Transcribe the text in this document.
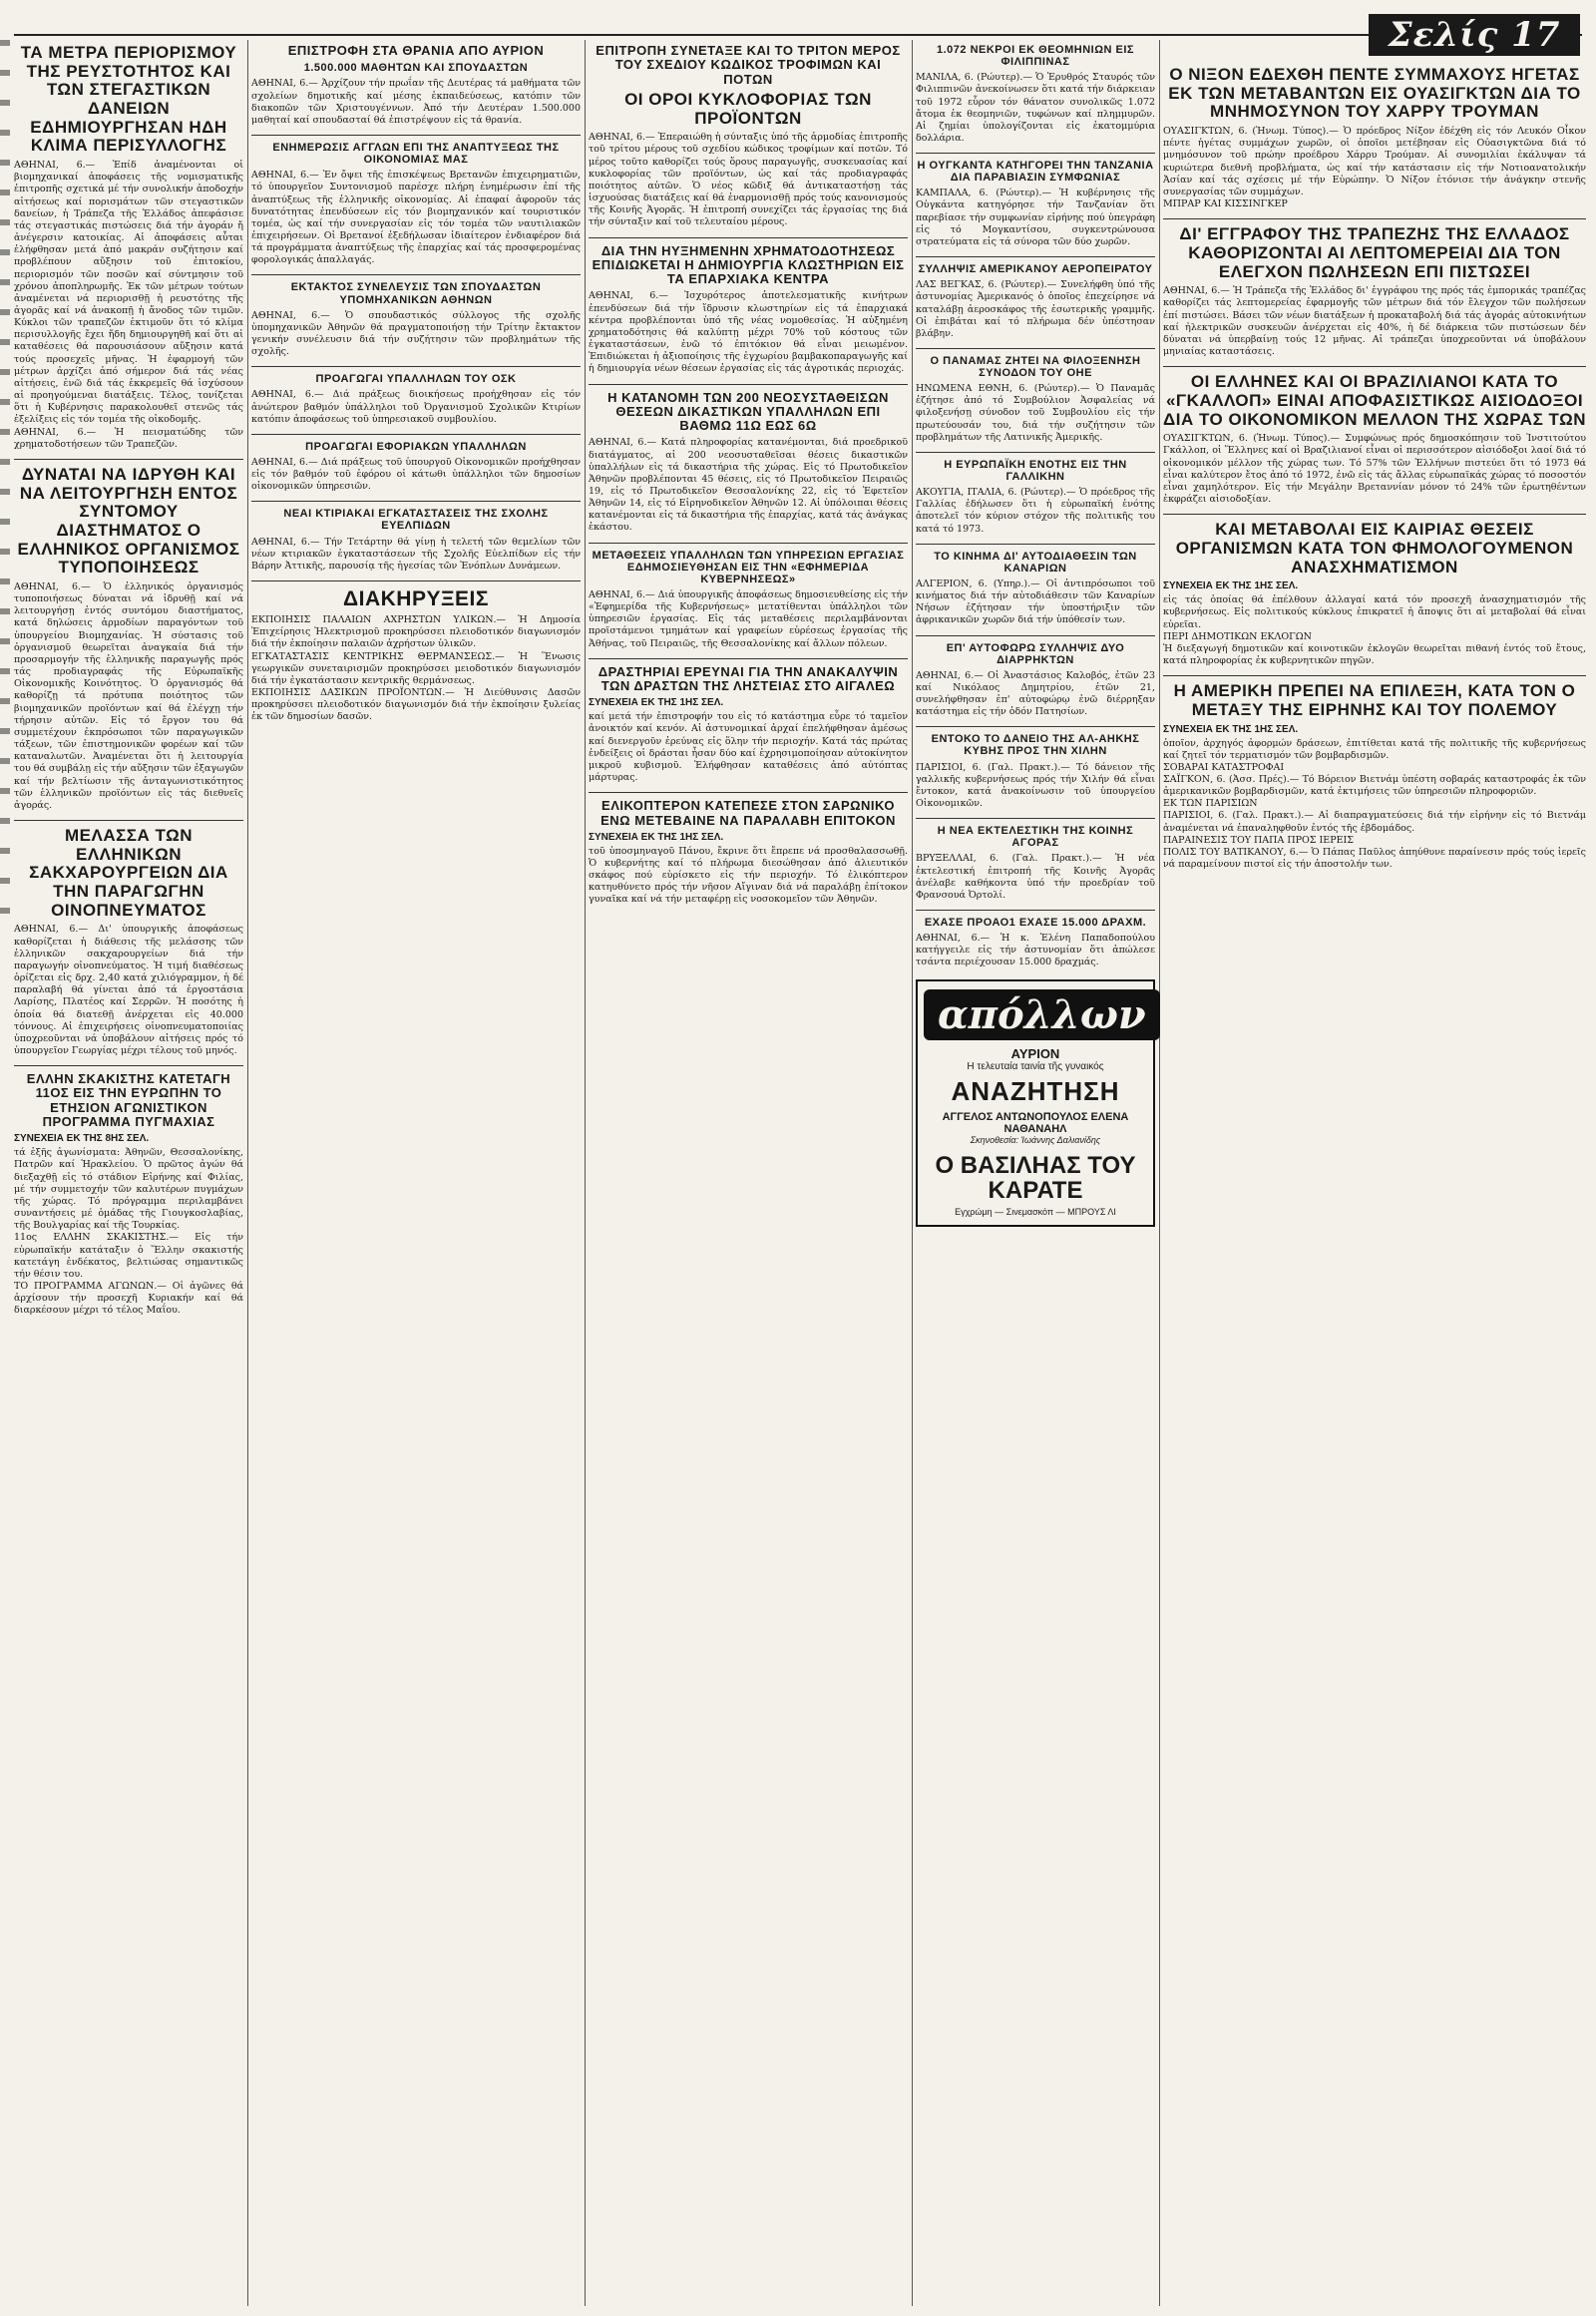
Σελίς 17
ΤΑ ΜΕΤΡΑ ΠΕΡΙΟΡΙΣΜΟΥ ΤΗΣ ΡΕΥΣΤΟΤΗΤΟΣ ΚΑΙ ΤΩΝ ΣΤΕΓΑΣΤΙΚΩΝ ΔΑΝΕΙΩΝ ΕΔΗΜΙΟΥΡΓΗΣΑΝ ΗΔΗ ΚΛΙΜΑ ΠΕΡΙΣΥΛΛΟΓΗΣ

ΑΘΗΝΑΙ, 6.— Ἐπίδ ἀναμένονται οἱ βιομηχανικαί ἀποφάσεις τῆς νομισματικῆς ἐπιτροπῆς σχετικά μέ τήν συνολικήν ἀποδοχήν αἰτήσεως καί πορισμάτων τῶν στεγαστικῶν δανείων, ἡ Τράπεζα τῆς Ἑλλάδος ἀπεφάσισε τάς στεγαστικάς πιστώσεις διά τήν ἀγοράν ἤ ἀνέγερσιν κατοικίας. Αἱ ἀποφάσεις αὗται ἐλήφθησαν μετά ἀπό μακράν συζήτησιν καί προβλέπουν αὔξησιν τοῦ ἐπιτοκίου, περιορισμόν τῶν ποσῶν καί σύντμησιν τοῦ χρόνου ἀποπληρωμῆς. Ἐκ τῶν μέτρων τούτων ἀναμένεται νά περιορισθῇ ἡ ρευστότης τῆς ἀγορᾶς καί νά ἀνακοπῇ ἡ ἄνοδος τῶν τιμῶν. Κύκλοι τῶν τραπεζῶν ἐκτιμοῦν ὅτι τό κλίμα περισυλλογῆς ἔχει ἤδη δημιουργηθῆ καί ὅτι αἱ καταθέσεις θά παρουσιάσουν αὔξησιν κατά τούς προσεχεῖς μῆνας. Ἡ ἐφαρμογή τῶν μέτρων ἀρχίζει ἀπό σήμερον διά τάς νέας αἰτήσεις, ἐνῶ διά τάς ἐκκρεμεῖς θά ἰσχύσουν αἱ προηγούμεναι διατάξεις. Τέλος, τονίζεται ὅτι ἡ Κυβέρνησις παρακολουθεῖ στενῶς τάς ἐξελίξεις εἰς τόν τομέα τῆς οἰκοδομῆς.
ΑΘΗΝΑΙ, 6.— Ἡ πεισματώδης τῶν χρηματοδοτήσεων τῶν Τραπεζῶν.

ΔΥΝΑΤΑΙ ΝΑ ΙΔΡΥΘΗ ΚΑΙ ΝΑ ΛΕΙΤΟΥΡΓΗΣΗ ΕΝΤΟΣ ΣΥΝΤΟΜΟΥ ΔΙΑΣΤΗΜΑΤΟΣ Ο ΕΛΛΗΝΙΚΟΣ ΟΡΓΑΝΙΣΜΟΣ ΤΥΠΟΠΟΙΗΣΕΩΣ

ΑΘΗΝΑΙ, 6.— Ὁ ἑλληνικός ὀργανισμός τυποποιήσεως δύναται νά ἱδρυθῇ καί νά λειτουργήσῃ ἐντός συντόμου διαστήματος, κατά δηλώσεις ἁρμοδίων παραγόντων τοῦ ὑπουργείου Βιομηχανίας. Ἡ σύστασις τοῦ ὀργανισμοῦ θεωρεῖται ἀναγκαία διά τήν προσαρμογήν τῆς ἑλληνικῆς παραγωγῆς πρός τάς προδιαγραφάς τῆς Εὐρωπαϊκῆς Οἰκονομικῆς Κοινότητος. Ὁ ὀργανισμός θά καθορίζῃ τά πρότυπα ποιότητος τῶν βιομηχανικῶν προϊόντων καί θά ἐλέγχῃ τήν τήρησιν αὐτῶν. Εἰς τό ἔργον του θά συμμετέχουν ἐκπρόσωποι τῶν παραγωγικῶν τάξεων, τῶν ἐπιστημονικῶν φορέων καί τῶν καταναλωτῶν. Ἀναμένεται ὅτι ἡ λειτουργία του θά συμβάλῃ εἰς τήν αὔξησιν τῶν ἐξαγωγῶν καί τήν βελτίωσιν τῆς ἀνταγωνιστικότητος τῶν ἑλληνικῶν προϊόντων εἰς τάς διεθνεῖς ἀγοράς.

ΜΕΛΑΣΣΑ ΤΩΝ ΕΛΛΗΝΙΚΩΝ ΣΑΚΧΑΡΟΥΡΓΕΙΩΝ ΔΙΑ ΤΗΝ ΠΑΡΑΓΩΓΗΝ ΟΙΝΟΠΝΕΥΜΑΤΟΣ

ΑΘΗΝΑΙ, 6.— Δι' ὑπουργικῆς ἀποφάσεως καθορίζεται ἡ διάθεσις τῆς μελάσσης τῶν ἑλληνικῶν σακχαρουργείων διά τήν παραγωγήν οἰνοπνεύματος. Ἡ τιμή διαθέσεως ὁρίζεται εἰς δρχ. 2,40 κατά χιλιόγραμμον, ἡ δέ παραλαβή θά γίνεται ἀπό τά ἐργοστάσια Λαρίσης, Πλατέος καί Σερρῶν. Ἡ ποσότης ἡ ὁποία θά διατεθῇ ἀνέρχεται εἰς 40.000 τόννους. Αἱ ἐπιχειρήσεις οἰνοπνευματοποιίας ὑποχρεοῦνται νά ὑποβάλουν αἰτήσεις πρός τό ὑπουργεῖον Γεωργίας μέχρι τέλους τοῦ μηνός.

ΕΛΛΗΝ ΣΚΑΚΙΣΤΗΣ ΚΑΤΕΤΑΓΗ 11ΟΣ ΕΙΣ ΤΗΝ ΕΥΡΩΠΗΝ ΤΟ ΕΤΗΣΙΟΝ ΑΓΩΝΙΣΤΙΚΟΝ ΠΡΟΓΡΑΜΜΑ ΠΥΓΜΑΧΙΑΣ
ΣΥΝΕΧΕΙΑ ΕΚ ΤΗΣ 8ΗΣ ΣΕΛ.

τά ἑξῆς ἀγωνίσματα: Ἀθηνῶν, Θεσσαλονίκης, Πατρῶν καί Ἡρακλείου. Ὁ πρῶτος ἀγών θά διεξαχθῇ εἰς τό στάδιον Εἰρήνης καί Φιλίας, μέ τήν συμμετοχήν τῶν καλυτέρων πυγμάχων τῆς χώρας. Τό πρόγραμμα περιλαμβάνει συναντήσεις μέ ὁμάδας τῆς Γιουγκοσλαβίας, τῆς Βουλγαρίας καί τῆς Τουρκίας.
11ος ΕΛΛΗΝ ΣΚΑΚΙΣΤΗΣ.— Εἰς τήν εὐρωπαϊκήν κατάταξιν ὁ Ἕλλην σκακιστής κατετάγη ἑνδέκατος, βελτιώσας σημαντικῶς τήν θέσιν του.
ΤΟ ΠΡΟΓΡΑΜΜΑ ΑΓΩΝΩΝ.— Οἱ ἀγῶνες θά ἀρχίσουν τήν προσεχῆ Κυριακήν καί θά διαρκέσουν μέχρι τό τέλος Μαΐου.

ΕΠΙΣΤΡΟΦΗ ΣΤΑ ΘΡΑΝΙΑ ΑΠΟ ΑΥΡΙΟΝ
1.500.000 ΜΑΘΗΤΩΝ ΚΑΙ ΣΠΟΥΔΑΣΤΩΝ

ΑΘΗΝΑΙ, 6.— Ἀρχίζουν τήν πρωΐαν τῆς Δευτέρας τά μαθήματα τῶν σχολείων δημοτικῆς καί μέσης ἐκπαιδεύσεως, κατόπιν τῶν διακοπῶν τῶν Χριστουγέννων. Ἀπό τήν Δευτέραν 1.500.000 μαθηταί καί σπουδασταί θά ἐπιστρέψουν εἰς τά θρανία.

ΕΝΗΜΕΡΩΣΙΣ ΑΓΓΛΩΝ ΕΠΙ ΤΗΣ ΑΝΑΠΤΥΞΕΩΣ ΤΗΣ ΟΙΚΟΝΟΜΙΑΣ ΜΑΣ

ΑΘΗΝΑΙ, 6.— Ἐν ὄψει τῆς ἐπισκέψεως Βρετανῶν ἐπιχειρηματιῶν, τό ὑπουργεῖον Συντονισμοῦ παρέσχε πλήρη ἐνημέρωσιν ἐπί τῆς ἀναπτύξεως τῆς ἑλληνικῆς οἰκονομίας. Αἱ ἐπαφαί ἀφοροῦν τάς δυνατότητας ἐπενδύσεων εἰς τόν βιομηχανικόν καί τουριστικόν τομέα, ὡς καί τήν συνεργασίαν εἰς τόν τομέα τῶν ναυτιλιακῶν ἐπιχειρήσεων. Οἱ Βρετανοί ἐξεδήλωσαν ἰδιαίτερον ἐνδιαφέρον διά τά προγράμματα ἀναπτύξεως τῆς ἐπαρχίας καί τάς προσφερομένας φορολογικάς ἀπαλλαγάς.

ΕΚΤΑΚΤΟΣ ΣΥΝΕΛΕΥΣΙΣ ΤΩΝ ΣΠΟΥΔΑΣΤΩΝ ΥΠΟΜΗΧΑΝΙΚΩΝ ΑΘΗΝΩΝ

ΑΘΗΝΑΙ, 6.— Ὁ σπουδαστικός σύλλογος τῆς σχολῆς ὑπομηχανικῶν Ἀθηνῶν θά πραγματοποιήσῃ τήν Τρίτην ἔκτακτον γενικήν συνέλευσιν διά τήν συζήτησιν τῶν προβλημάτων τῆς σχολῆς.

ΠΡΟΑΓΩΓΑΙ ΥΠΑΛΛΗΛΩΝ ΤΟΥ ΟΣΚ

ΑΘΗΝΑΙ, 6.— Διά πράξεως διοικήσεως προήχθησαν εἰς τόν ἀνώτερον βαθμόν ὑπάλληλοι τοῦ Ὀργανισμοῦ Σχολικῶν Κτιρίων κατόπιν ἀποφάσεως τοῦ ὑπηρεσιακοῦ συμβουλίου.

ΠΡΟΑΓΩΓΑΙ ΕΦΟΡΙΑΚΩΝ ΥΠΑΛΛΗΛΩΝ

ΑΘΗΝΑΙ, 6.— Διά πράξεως τοῦ ὑπουργοῦ Οἰκονομικῶν προήχθησαν εἰς τόν βαθμόν τοῦ ἐφόρου οἱ κάτωθι ὑπάλληλοι τῶν δημοσίων οἰκονομικῶν ὑπηρεσιῶν.

ΝΕΑΙ ΚΤΙΡΙΑΚΑΙ ΕΓΚΑΤΑΣΤΑΣΕΙΣ ΤΗΣ ΣΧΟΛΗΣ ΕΥΕΛΠΙΔΩΝ

ΑΘΗΝΑΙ, 6.— Τήν Τετάρτην θά γίνῃ ἡ τελετή τῶν θεμελίων τῶν νέων κτιριακῶν ἐγκαταστάσεων τῆς Σχολῆς Εὐελπίδων εἰς τήν Βάρην Ἀττικῆς, παρουσίᾳ τῆς ἡγεσίας τῶν Ἐνόπλων Δυνάμεων.

ΔΙΑΚΗΡΥΞΕΙΣ

ΕΚΠΟΙΗΣΙΣ ΠΑΛΑΙΩΝ ΑΧΡΗΣΤΩΝ ΥΛΙΚΩΝ.— Ἡ Δημοσία Ἐπιχείρησις Ἠλεκτρισμοῦ προκηρύσσει πλειοδοτικόν διαγωνισμόν διά τήν ἐκποίησιν παλαιῶν ἀχρήστων ὑλικῶν.
ΕΓΚΑΤΑΣΤΑΣΙΣ ΚΕΝΤΡΙΚΗΣ ΘΕΡΜΑΝΣΕΩΣ.— Ἡ Ἕνωσις γεωργικῶν συνεταιρισμῶν προκηρύσσει μειοδοτικόν διαγωνισμόν διά τήν ἐγκατάστασιν κεντρικῆς θερμάνσεως.
ΕΚΠΟΙΗΣΙΣ ΔΑΣΙΚΩΝ ΠΡΟΪΟΝΤΩΝ.— Ἡ Διεύθυνσις Δασῶν προκηρύσσει πλειοδοτικόν διαγωνισμόν διά τήν ἐκποίησιν ξυλείας ἐκ τῶν δημοσίων δασῶν.

ΕΠΙΤΡΟΠΗ ΣΥΝΕΤΑΞΕ ΚΑΙ ΤΟ ΤΡΙΤΟΝ ΜΕΡΟΣ ΤΟΥ ΣΧΕΔΙΟΥ ΚΩΔΙΚΟΣ ΤΡΟΦΙΜΩΝ ΚΑΙ ΠΟΤΩΝ
ΟΙ ΟΡΟΙ ΚΥΚΛΟΦΟΡΙΑΣ ΤΩΝ ΠΡΟΪΟΝΤΩΝ

ΑΘΗΝΑΙ, 6.— Ἐπεραιώθη ἡ σύνταξις ὑπό τῆς ἁρμοδίας ἐπιτροπῆς τοῦ τρίτου μέρους τοῦ σχεδίου κώδικος τροφίμων καί ποτῶν. Τό μέρος τοῦτο καθορίζει τούς ὅρους παραγωγῆς, συσκευασίας καί κυκλοφορίας τῶν προϊόντων, ὡς καί τάς προδιαγραφάς ποιότητος αὐτῶν. Ὁ νέος κῶδιξ θά ἀντικαταστήσῃ τάς ἰσχυούσας διατάξεις καί θά ἐναρμονισθῇ πρός τούς κανονισμούς τῆς Κοινῆς Ἀγορᾶς. Ἡ ἐπιτροπή συνεχίζει τάς ἐργασίας της διά τήν σύνταξιν καί τοῦ τελευταίου μέρους.

ΔΙΑ ΤΗΝ ΗΥΞΗΜΕΝΗΝ ΧΡΗΜΑΤΟΔΟΤΗΣΕΩΣ ΕΠΙΔΙΩΚΕΤΑΙ Η ΔΗΜΙΟΥΡΓΙΑ ΚΛΩΣΤΗΡΙΩΝ ΕΙΣ ΤΑ ΕΠΑΡΧΙΑΚΑ ΚΕΝΤΡΑ

ΑΘΗΝΑΙ, 6.— Ἰσχυρότερος ἀποτελεσματικῆς κινήτρων ἐπενδύσεων διά τήν ἵδρυσιν κλωστηρίων εἰς τά ἐπαρχιακά κέντρα προβλέπονται ὑπό τῆς νέας νομοθεσίας. Ἡ αὐξημένη χρηματοδότησις θά καλύπτῃ μέχρι 70% τοῦ κόστους τῶν ἐγκαταστάσεων, ἐνῶ τό ἐπιτόκιον θά εἶναι μειωμένον. Ἐπιδιώκεται ἡ ἀξιοποίησις τῆς ἐγχωρίου βαμβακοπαραγωγῆς καί ἡ δημιουργία νέων θέσεων ἐργασίας εἰς τάς ἀγροτικάς περιοχάς.

Η ΚΑΤΑΝΟΜΗ ΤΩΝ 200 ΝΕΟΣΥΣΤΑΘΕΙΣΩΝ ΘΕΣΕΩΝ ΔΙΚΑΣΤΙΚΩΝ ΥΠΑΛΛΗΛΩΝ ΕΠΙ ΒΑΘΜΩ 11Ω ΕΩΣ 6Ω

ΑΘΗΝΑΙ, 6.— Κατά πληροφορίας κατανέμονται, διά προεδρικοῦ διατάγματος, αἱ 200 νεοσυσταθεῖσαι θέσεις δικαστικῶν ὑπαλλήλων εἰς τά δικαστήρια τῆς χώρας. Εἰς τό Πρωτοδικεῖον Ἀθηνῶν προβλέπονται 45 θέσεις, εἰς τό Πρωτοδικεῖον Πειραιῶς 19, εἰς τό Πρωτοδικεῖον Θεσσαλονίκης 22, εἰς τό Ἐφετεῖον Ἀθηνῶν 14, εἰς τό Εἰρηνοδικεῖον Ἀθηνῶν 12. Αἱ ὑπόλοιπαι θέσεις κατανέμονται εἰς τά δικαστήρια τῆς ἐπαρχίας, κατά τάς ἀνάγκας ἑκάστου.

ΜΕΤΑΘΕΣΕΙΣ ΥΠΑΛΛΗΛΩΝ ΤΩΝ ΥΠΗΡΕΣΙΩΝ ΕΡΓΑΣΙΑΣ ΕΔΗΜΟΣΙΕΥΘΗΣΑΝ ΕΙΣ ΤΗΝ «ΕΦΗΜΕΡΙΔΑ ΚΥΒΕΡΝΗΣΕΩΣ»

ΑΘΗΝΑΙ, 6.— Διά ὑπουργικῆς ἀποφάσεως δημοσιευθείσης εἰς τήν «Ἐφημερίδα τῆς Κυβερνήσεως» μετατίθενται ὑπάλληλοι τῶν ὑπηρεσιῶν ἐργασίας. Εἰς τάς μεταθέσεις περιλαμβάνονται προϊστάμενοι τμημάτων καί γραφείων εὑρέσεως ἐργασίας τῆς Ἀθήνας, τοῦ Πειραιῶς, τῆς Θεσσαλονίκης καί ἄλλων πόλεων.

ΔΡΑΣΤΗΡΙΑΙ ΕΡΕΥΝΑΙ ΓΙΑ ΤΗΝ ΑΝΑΚΑΛΥΨΙΝ ΤΩΝ ΔΡΑΣΤΩΝ ΤΗΣ ΛΗΣΤΕΙΑΣ ΣΤΟ ΑΙΓΑΛΕΩ
ΣΥΝΕΧΕΙΑ ΕΚ ΤΗΣ 1ΗΣ ΣΕΛ.

καί μετά τήν ἐπιστροφήν του εἰς τό κατάστημα εὗρε τό ταμεῖον ἀνοικτόν καί κενόν. Αἱ ἀστυνομικαί ἀρχαί ἐπελήφθησαν ἀμέσως καί διενεργοῦν ἐρεύνας εἰς ὅλην τήν περιοχήν. Κατά τάς πρώτας ἐνδείξεις οἱ δράσται ἦσαν δύο καί ἐχρησιμοποίησαν αὐτοκίνητον μικροῦ κυβισμοῦ. Ἐλήφθησαν καταθέσεις ἀπό αὐτόπτας μάρτυρας.

ΕΛΙΚΟΠΤΕΡΟΝ ΚΑΤΕΠΕΣΕ ΣΤΟΝ ΣΑΡΩΝΙΚΟ ΕΝΩ ΜΕΤΕΒΑΙΝΕ ΝΑ ΠΑΡΑΛΑΒΗ ΕΠΙΤΟΚΟΝ
ΣΥΝΕΧΕΙΑ ΕΚ ΤΗΣ 1ΗΣ ΣΕΛ.

τοῦ ὑποσμηναγοῦ Πάνου, ἔκρινε ὅτι ἔπρεπε νά προσθαλασσωθῇ. Ὁ κυβερνήτης καί τό πλήρωμα διεσώθησαν ἀπό ἁλιευτικόν σκάφος πού εὑρίσκετο εἰς τήν περιοχήν. Τό ἐλικόπτερον κατηυθύνετο πρός τήν νῆσον Αἴγιναν διά νά παραλάβῃ ἐπίτοκον γυναῖκα καί νά τήν μεταφέρῃ εἰς νοσοκομεῖον τῶν Ἀθηνῶν.

1.072 ΝΕΚΡΟΙ ΕΚ ΘΕΟΜΗΝΙΩΝ ΕΙΣ ΦΙΛΙΠΠΙΝΑΣ

ΜΑΝΙΛΑ, 6. (Ρώυτερ).— Ὁ Ἐρυθρός Σταυρός τῶν Φιλιππινῶν ἀνεκοίνωσεν ὅτι κατά τήν διάρκειαν τοῦ 1972 εὗρον τόν θάνατον συνολικῶς 1.072 ἄτομα ἐκ θεομηνιῶν, τυφώνων καί πλημμυρῶν. Αἱ ζημίαι ὑπολογίζονται εἰς ἑκατομμύρια δολλάρια.

Η ΟΥΓΚΑΝΤΑ ΚΑΤΗΓΟΡΕΙ ΤΗΝ ΤΑΝΖΑΝΙΑ ΔΙΑ ΠΑΡΑΒΙΑΣΙΝ ΣΥΜΦΩΝΙΑΣ

ΚΑΜΠΑΛΑ, 6. (Ρώυτερ).— Ἡ κυβέρνησις τῆς Οὐγκάντα κατηγόρησε τήν Τανζανίαν ὅτι παρεβίασε τήν συμφωνίαν εἰρήνης πού ὑπεγράφη εἰς τό Μογκαντίσου, συγκεντρώνουσα στρατεύματα εἰς τά σύνορα τῶν δύο χωρῶν.

ΣΥΛΛΗΨΙΣ ΑΜΕΡΙΚΑΝΟΥ ΑΕΡΟΠΕΙΡΑΤΟΥ

ΛΑΣ ΒΕΓΚΑΣ, 6. (Ρώυτερ).— Συνελήφθη ὑπό τῆς ἀστυνομίας Ἀμερικανός ὁ ὁποῖος ἐπεχείρησε νά καταλάβῃ ἀεροσκάφος τῆς ἐσωτερικῆς γραμμῆς. Οἱ ἐπιβάται καί τό πλήρωμα δέν ὑπέστησαν βλάβην.

Ο ΠΑΝΑΜΑΣ ΖΗΤΕΙ ΝΑ ΦΙΛΟΞΕΝΗΣΗ ΣΥΝΟΔΟΝ ΤΟΥ ΟΗΕ

ΗΝΩΜΕΝΑ ΕΘΝΗ, 6. (Ρώυτερ).— Ὁ Παναμᾶς ἐζήτησε ἀπό τό Συμβούλιον Ἀσφαλείας νά φιλοξενήσῃ σύνοδον τοῦ Συμβουλίου εἰς τήν πρωτεύουσάν του, διά τήν συζήτησιν τῶν προβλημάτων τῆς Λατινικῆς Ἀμερικῆς.

Η ΕΥΡΩΠΑΪΚΗ ΕΝΟΤΗΣ ΕΙΣ ΤΗΝ ΓΑΛΛΙΚΗΝ

ΑΚΟΥΓΙΑ, ΙΤΑΛΙΑ, 6. (Ρώυτερ).— Ὁ πρόεδρος τῆς Γαλλίας ἐδήλωσεν ὅτι ἡ εὐρωπαϊκή ἑνότης ἀποτελεῖ τόν κύριον στόχον τῆς πολιτικῆς του κατά τό 1973.

ΤΟ ΚΙΝΗΜΑ ΔΙ' ΑΥΤΟΔΙΑΘΕΣΙΝ ΤΩΝ ΚΑΝΑΡΙΩΝ

ΑΛΓΕΡΙΟΝ, 6. (Υπηρ.).— Οἱ ἀντιπρόσωποι τοῦ κινήματος διά τήν αὐτοδιάθεσιν τῶν Καναρίων Νήσων ἐζήτησαν τήν ὑποστήριξιν τῶν ἀφρικανικῶν χωρῶν διά τήν ὑπόθεσίν των.

ΕΠ' ΑΥΤΟΦΩΡΩ ΣΥΛΛΗΨΙΣ ΔΥΟ ΔΙΑΡΡΗΚΤΩΝ

ΑΘΗΝΑΙ, 6.— Οἱ Ἀναστάσιος Καλοβός, ἐτῶν 23 καί Νικόλαος Δημητρίου, ἐτῶν 21, συνελήφθησαν ἐπ' αὐτοφώρῳ ἐνῶ διέρρηξαν κατάστημα εἰς τήν ὁδόν Πατησίων.

ΕΝΤΟΚΟ ΤΟ ΔΑΝΕΙΟ ΤΗΣ ΑΛ-ΑΗΚΗΣ ΚΥΒΗΣ ΠΡΟΣ ΤΗΝ ΧΙΛΗΝ

ΠΑΡΙΣΙΟΙ, 6. (Γαλ. Πρακτ.).— Τό δάνειον τῆς γαλλικῆς κυβερνήσεως πρός τήν Χιλήν θά εἶναι ἔντοκον, κατά ἀνακοίνωσιν τοῦ ὑπουργείου Οἰκονομικῶν.

Η ΝΕΑ ΕΚΤΕΛΕΣΤΙΚΗ ΤΗΣ ΚΟΙΝΗΣ ΑΓΟΡΑΣ

ΒΡΥΞΕΛΛΑΙ, 6. (Γαλ. Πρακτ.).— Ἡ νέα ἐκτελεστική ἐπιτροπή τῆς Κοινῆς Ἀγορᾶς ἀνέλαβε καθήκοντα ὑπό τήν προεδρίαν τοῦ Φρανσουά Ὀρτολί.

ΕΧΑΣΕ ΠΡΟΑΟ1 ΕΧΑΣΕ 15.000 ΔΡΑΧΜ.

ΑΘΗΝΑΙ, 6.— Ἡ κ. Ἐλένη Παπαδοπούλου κατήγγειλε εἰς τήν ἀστυνομίαν ὅτι ἀπώλεσε τσάντα περιέχουσαν 15.000 δραχμάς.

απόλλων
ΑΥΡΙΟΝ
Η τελευταία ταινία τῆς γυναικός
ΑΝΑΖΗΤΗΣΗ
ΑΓΓΕΛΟΣ ΑΝΤΩΝΟΠΟΥΛΟΣ ΕΛΕΝΑ ΝΑΘΑΝΑΗΛ
Σκηνοθεσία: Ἰωάννης Δαλιανίδης
Ο ΒΑΣΙΛΗΑΣ ΤΟΥ ΚΑΡΑΤΕ
Εγχρώμη — Σινεμασκόπ — ΜΠΡΟΥΣ ΛΙ
Ο ΝΙΞΟΝ ΕΔΕΧΘΗ ΠΕΝΤΕ ΣΥΜΜΑΧΟΥΣ ΗΓΕΤΑΣ ΕΚ ΤΩΝ ΜΕΤΑΒΑΝΤΩΝ ΕΙΣ ΟΥΑΣΙΓΚΤΩΝ ΔΙΑ ΤΟ ΜΝΗΜΟΣΥΝΟΝ ΤΟΥ ΧΑΡΡΥ ΤΡΟΥΜΑΝ

ΟΥΑΣΙΓΚΤΩΝ, 6. (Ἡνωμ. Τύπος).— Ὁ πρόεδρος Νίξον ἐδέχθη εἰς τόν Λευκόν Οἶκον πέντε ἡγέτας συμμάχων χωρῶν, οἱ ὁποῖοι μετέβησαν εἰς Οὐασιγκτῶνα διά τό μνημόσυνον τοῦ πρώην προέδρου Χάρρυ Τρούμαν. Αἱ συνομιλίαι ἐκάλυψαν τά κυριώτερα διεθνῆ προβλήματα, ὡς καί τήν κατάστασιν εἰς τήν Νοτιοανατολικήν Ἀσίαν καί τάς σχέσεις μέ τήν Εὐρώπην. Ὁ Νίξον ἐτόνισε τήν ἀνάγκην στενῆς συνεργασίας τῶν συμμάχων.
ΜΠΡΑΡ ΚΑΙ ΚΙΣΣΙΝΓΚΕΡ

ΔΙ' ΕΓΓΡΑΦΟΥ ΤΗΣ ΤΡΑΠΕΖΗΣ ΤΗΣ ΕΛΛΑΔΟΣ ΚΑΘΟΡΙΖΟΝΤΑΙ ΑΙ ΛΕΠΤΟΜΕΡΕΙΑΙ ΔΙΑ ΤΟΝ ΕΛΕΓΧΟΝ ΠΩΛΗΣΕΩΝ ΕΠΙ ΠΙΣΤΩΣΕΙ

ΑΘΗΝΑΙ, 6.— Ἡ Τράπεζα τῆς Ἑλλάδος δι' ἐγγράφου της πρός τάς ἐμπορικάς τραπέζας καθορίζει τάς λεπτομερείας ἐφαρμογῆς τῶν μέτρων διά τόν ἔλεγχον τῶν πωλήσεων ἐπί πιστώσει. Βάσει τῶν νέων διατάξεων ἡ προκαταβολή διά τάς ἀγοράς αὐτοκινήτων καί ἠλεκτρικῶν συσκευῶν ἀνέρχεται εἰς 40%, ἡ δέ διάρκεια τῶν πιστώσεων δέν δύναται νά ὑπερβαίνῃ τούς 12 μῆνας. Αἱ τράπεζαι ὑποχρεοῦνται νά ὑποβάλουν μηνιαίας καταστάσεις.

ΟΙ ΕΛΛΗΝΕΣ ΚΑΙ ΟΙ ΒΡΑΖΙΛΙΑΝΟΙ ΚΑΤΑ ΤΟ «ΓΚΑΛΛΟΠ» ΕΙΝΑΙ ΑΠΟΦΑΣΙΣΤΙΚΩΣ ΑΙΣΙΟΔΟΞΟΙ ΔΙΑ ΤΟ ΟΙΚΟΝΟΜΙΚΟΝ ΜΕΛΛΟΝ ΤΗΣ ΧΩΡΑΣ ΤΩΝ

ΟΥΑΣΙΓΚΤΩΝ, 6. (Ἡνωμ. Τύπος).— Συμφώνως πρός δημοσκόπησιν τοῦ Ἰνστιτούτου Γκάλλοπ, οἱ Ἕλληνες καί οἱ Βραζιλιανοί εἶναι οἱ περισσότερον αἰσιόδοξοι λαοί διά τό οἰκονομικόν μέλλον τῆς χώρας των. Τό 57% τῶν Ἑλλήνων πιστεύει ὅτι τό 1973 θά εἶναι καλύτερον ἔτος ἀπό τό 1972, ἐνῶ εἰς τάς ἄλλας εὐρωπαϊκάς χώρας τό ποσοστόν εἶναι χαμηλότερον. Εἰς τήν Μεγάλην Βρεταννίαν μόνον τό 24% τῶν ἐρωτηθέντων ἐκφράζει αἰσιοδοξίαν.

ΚΑΙ ΜΕΤΑΒΟΛΑΙ ΕΙΣ ΚΑΙΡΙΑΣ ΘΕΣΕΙΣ ΟΡΓΑΝΙΣΜΩΝ ΚΑΤΑ ΤΟΝ ΦΗΜΟΛΟΓΟΥΜΕΝΟΝ ΑΝΑΣΧΗΜΑΤΙΣΜΟΝ
ΣΥΝΕΧΕΙΑ ΕΚ ΤΗΣ 1ΗΣ ΣΕΛ.

εἰς τάς ὁποίας θά ἐπέλθουν ἀλλαγαί κατά τόν προσεχῆ ἀνασχηματισμόν τῆς κυβερνήσεως. Εἰς πολιτικούς κύκλους ἐπικρατεῖ ἡ ἄποψις ὅτι αἱ μεταβολαί θά εἶναι εὐρεῖαι.
ΠΕΡΙ ΔΗΜΟΤΙΚΩΝ ΕΚΛΟΓΩΝ
Ἡ διεξαγωγή δημοτικῶν καί κοινοτικῶν ἐκλογῶν θεωρεῖται πιθανή ἐντός τοῦ ἔτους, κατά πληροφορίας ἐκ κυβερνητικῶν πηγῶν.

Η ΑΜΕΡΙΚΗ ΠΡΕΠΕΙ ΝΑ ΕΠΙΛΕΞΗ, ΚΑΤΑ ΤΟΝ Ο ΜΕΤΑΞΥ ΤΗΣ ΕΙΡΗΝΗΣ ΚΑΙ ΤΟΥ ΠΟΛΕΜΟΥ
ΣΥΝΕΧΕΙΑ ΕΚ ΤΗΣ 1ΗΣ ΣΕΛ.

ὁποῖον, ἀρχηγός ἀφορμών δράσεων, ἐπιτίθεται κατά τῆς πολιτικῆς τῆς κυβερνήσεως καί ζητεῖ τόν τερματισμόν τῶν βομβαρδισμῶν.
ΣΟΒΑΡΑΙ ΚΑΤΑΣΤΡΟΦΑΙ
ΣΑΪΓΚΟΝ, 6. (Ἀσσ. Πρές).— Τό Βόρειον Βιετνάμ ὑπέστη σοβαράς καταστροφάς ἐκ τῶν ἀμερικανικῶν βομβαρδισμῶν, κατά ἐκτιμήσεις τῶν ὑπηρεσιῶν πληροφοριῶν.
ΕΚ ΤΩΝ ΠΑΡΙΣΙΩΝ
ΠΑΡΙΣΙΟΙ, 6. (Γαλ. Πρακτ.).— Αἱ διαπραγματεύσεις διά τήν εἰρήνην εἰς τό Βιετνάμ ἀναμένεται νά ἐπαναληφθοῦν ἐντός τῆς ἑβδομάδος.
ΠΑΡΑΙΝΕΣΙΣ ΤΟΥ ΠΑΠΑ ΠΡΟΣ ΙΕΡΕΙΣ
ΠΟΛΙΣ ΤΟΥ ΒΑΤΙΚΑΝΟΥ, 6.— Ὁ Πάπας Παῦλος ἀπηύθυνε παραίνεσιν πρός τούς ἱερεῖς νά παραμείνουν πιστοί εἰς τήν ἀποστολήν των.
